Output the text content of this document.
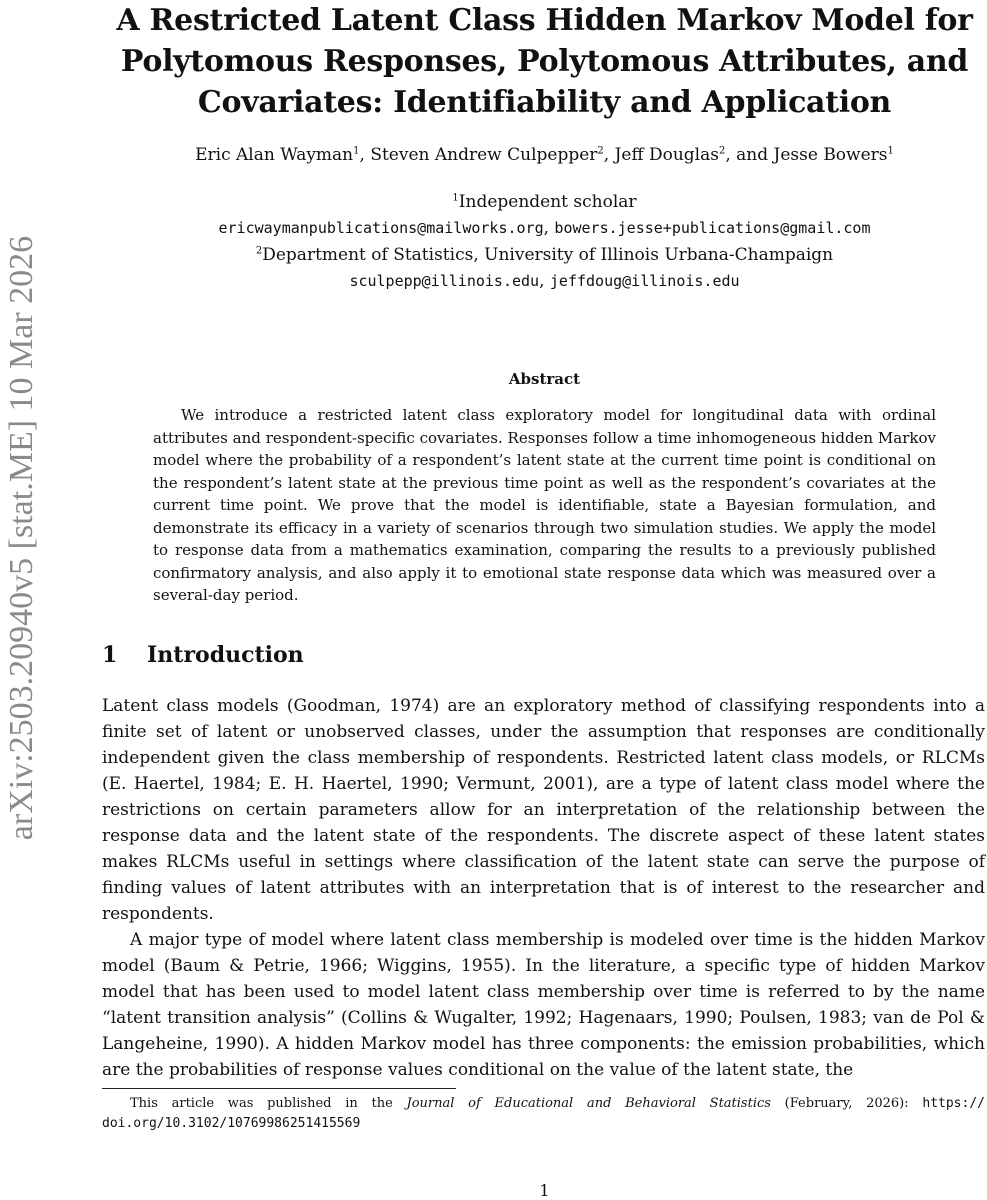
arXiv:2503.20940v5 [stat.ME] 10 Mar 2026
A Restricted Latent Class Hidden Markov Model for
Polytomous Responses, Polytomous Attributes, and
Covariates: Identifiability and Application
Eric Alan Wayman$^1$, Steven Andrew Culpepper$^2$, Jeff Douglas$^2$, and Jesse Bowers$^1$
$^1$Independent scholar
ericwaymanpublications@mailworks.org, bowers.jesse+publications@gmail.com
$^2$Department of Statistics, University of Illinois Urbana-Champaign
sculpepp@illinois.edu, jeffdoug@illinois.edu
Abstract

We introduce a restricted latent class exploratory model for longitudinal data with ordinal attributes and respondent-specific covariates. Responses follow a time inhomogeneous hidden Markov model where the probability of a respondent’s latent state at the current time point is conditional on the respondent’s latent state at the previous time point as well as the respondent’s covariates at the current time point. We prove that the model is identifiable, state a Bayesian formulation, and demonstrate its efficacy in a variety of scenarios through two simulation studies. We apply the model to response data from a mathematics examination, comparing the results to a previously published confirmatory analysis, and also apply it to emotional state response data which was measured over a several-day period.

1 Introduction

Latent class models (Goodman, 1974) are an exploratory method of classifying respondents into a finite set of latent or unobserved classes, under the assumption that responses are conditionally independent given the class membership of respondents. Restricted latent class models, or RLCMs (E. Haertel, 1984; E. H. Haertel, 1990; Vermunt, 2001), are a type of latent class model where the restrictions on certain parameters allow for an interpretation of the relationship between the response data and the latent state of the respondents. The discrete aspect of these latent states makes RLCMs useful in settings where classification of the latent state can serve the purpose of finding values of latent attributes with an interpretation that is of interest to the researcher and respondents.

A major type of model where latent class membership is modeled over time is the hidden Markov model (Baum & Petrie, 1966; Wiggins, 1955). In the literature, a specific type of hidden Markov model that has been used to model latent class membership over time is referred to by the name “latent transition analysis” (Collins & Wugalter, 1992; Hagenaars, 1990; Poulsen, 1983; van de Pol & Langeheine, 1990). A hidden Markov model has three components: the emission probabilities, which are the probabilities of response values conditional on the value of the latent state, the

This article was published in the Journal of Educational and Behavioral Statistics (February, 2026): https:// doi.org/10.3102/10769986251415569

1
